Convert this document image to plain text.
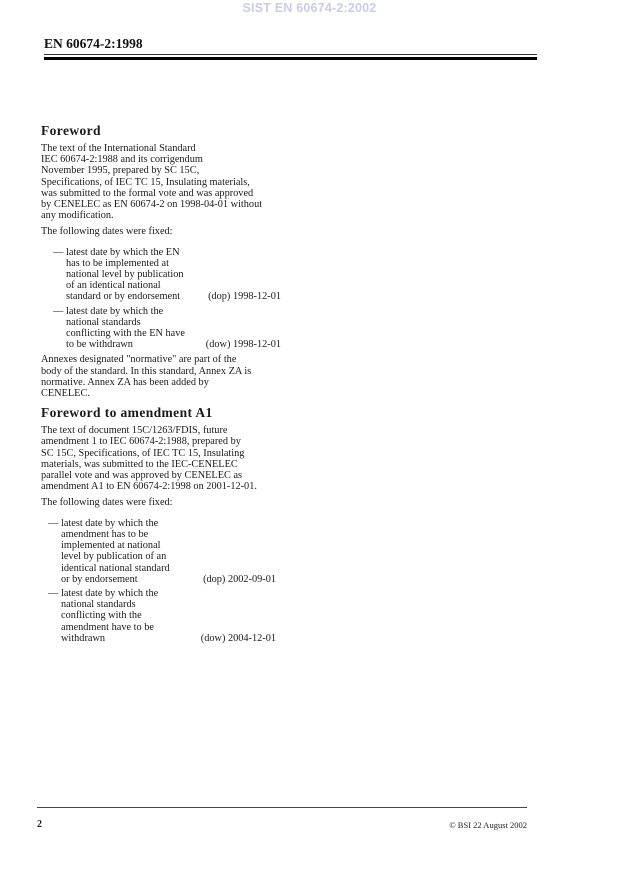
SIST EN 60674-2:2002
EN 60674-2:1998
Foreword

The text of the International Standard
IEC 60674-2:1988 and its corrigendum
November 1995, prepared by SC 15C,
Specifications, of IEC TC 15, Insulating materials,
was submitted to the formal vote and was approved
by CENELEC as EN 60674-2 on 1998-04-01 without
any modification.

The following dates were fixed:

— latest date by which the EN
has to be implemented at
national level by publication
of an identical national
standard or by endorsement	(dop) 1998-12-01
— latest date by which the
national standards
conflicting with the EN have
to be withdrawn	(dow) 1998-12-01

Annexes designated "normative" are part of the
body of the standard. In this standard, Annex ZA is
normative. Annex ZA has been added by
CENELEC.

Foreword to amendment A1

The text of document 15C/1263/FDIS, future
amendment 1 to IEC 60674-2:1988, prepared by
SC 15C, Specifications, of IEC TC 15, Insulating
materials, was submitted to the IEC-CENELEC
parallel vote and was approved by CENELEC as
amendment A1 to EN 60674-2:1998 on 2001-12-01.

The following dates were fixed:

— latest date by which the
amendment has to be
implemented at national
level by publication of an
identical national standard
or by endorsement	(dop) 2002-09-01
— latest date by which the
national standards
conflicting with the
amendment have to be
withdrawn	(dow) 2004-12-01
2	© BSI 22 August 2002
